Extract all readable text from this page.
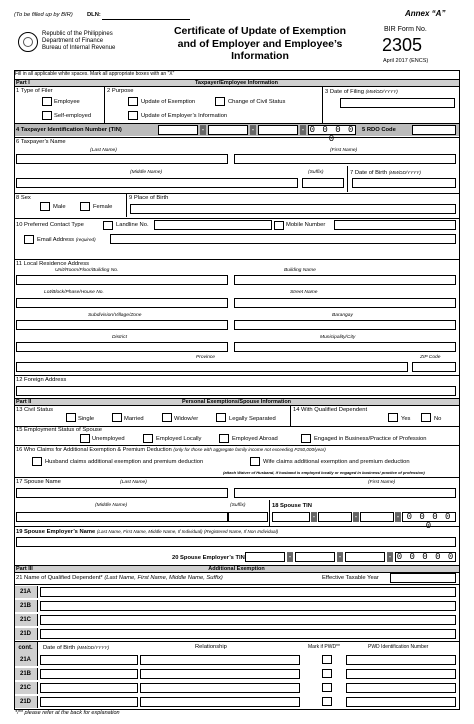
(To be filled up by BIR) DLN:	Annex “A”
Republic of the Philippines
Department of Finance
Bureau of Internal Revenue
Certificate of Update of Exemption
and of Employer and Employee’s
Information
BIR Form No.
2305
April 2017 (ENCS)
Fill in all applicable white spaces. Mark all appropriate boxes with an “X”
Part I	Taxpayer/Employee Information
1 Type of Filer
Employee
Self-employed
2 Purpose
Update of Exemption	Change of Civil Status
Update of Employer’s Information
3 Date of Filing (MM/DD/YYYY)
4 Taxpayer Identification Number (TIN)	-	-	- 0 0 0 0 0
5 RDO Code
6 Taxpayer’s Name
(Last Name)	(First Name)
(Middle Name)	(Suffix)	7 Date of Birth (MM/DD/YYYY)
8 Sex
Male	Female
9 Place of Birth
10 Preferred Contact Type	Landline No.	Mobile Number
Email Address (required)
11 Local Residence Address
Unit/Room/Floor/Building No.	Building Name
Lot/Block/Phase/House No.	Street Name
Subdivision/Village/Zone	Barangay
District	Municipality/City
Province	ZIP Code
12 Foreign Address
Part II	Personal Exemptions/Spouse Information
13 Civil Status
Single	Married	Widow/er	Legally Separated
14 With Qualified Dependent
Yes	No
15 Employment Status of Spouse
Unemployed	Employed Locally	Employed Abroad	Engaged in Business/Practice of Profession
16 Who Claims for Additional Exemption & Premium Deduction (only for those with aggregate family income not exceeding P250,000/year)
Husband claims additional exemption and premium deduction	Wife claims additional exemption and premium deduction
(attach Waiver of Husband, if husband is employed locally or engaged in business/ practice of profession)
17 Spouse Name	(Last Name)	(First Name)
(Middle Name)	(Suffix)	18 Spouse TIN
-	-	- 0 0 0 0 0
19 Spouse Employer’s Name (Last Name, First Name, Middle Name, If Individual) (Registered Name, If Non Individual)
20 Spouse Employer’s TIN	-	-	- 0 0 0 0 0
Part III	Additional Exemption
21 Name of Qualified Dependent* (Last Name, First Name, Middle Name, Suffix)	Effective Taxable Year
21A
21B
21C
21D
cont.	Date of Birth (MM/DD/YYYY)	Relationship	Mark if PWD**	PWD Identification Number
21A
21B
21C
21D
*/** please refer at the back for explanation
